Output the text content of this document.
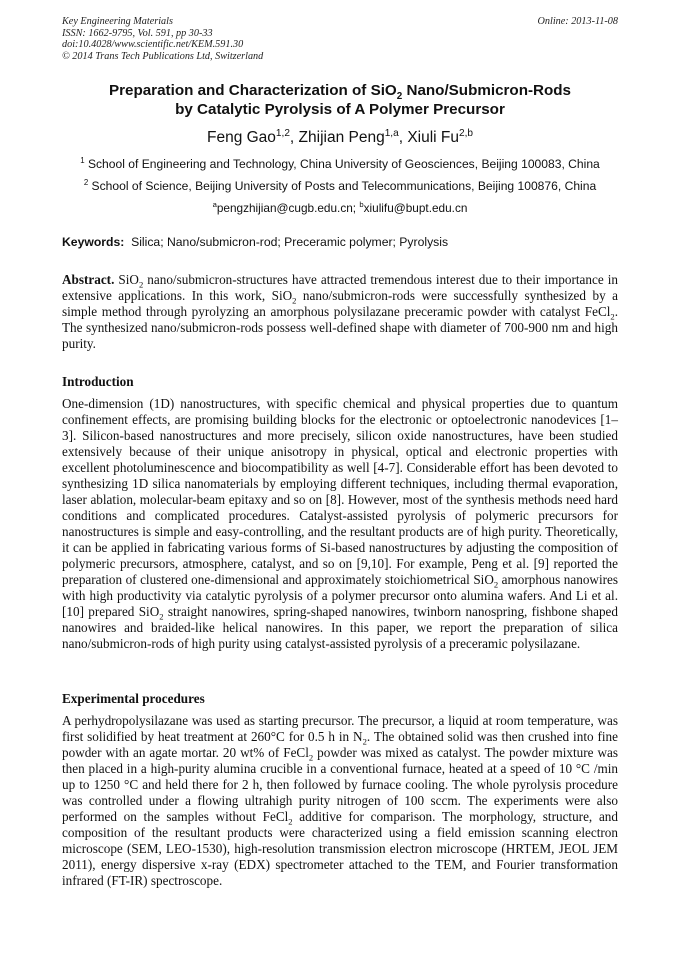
Key Engineering Materials
ISSN: 1662-9795, Vol. 591, pp 30-33
doi:10.4028/www.scientific.net/KEM.591.30
© 2014 Trans Tech Publications Ltd, Switzerland
Online: 2013-11-08
Preparation and Characterization of SiO$_2$ Nano/Submicron-Rods
by Catalytic Pyrolysis of A Polymer Precursor
Feng Gao$^{1,2}$, Zhijian Peng$^{1,a}$, Xiuli Fu$^{2,b}$
$^1$ School of Engineering and Technology, China University of Geosciences, Beijing 100083, China
$^2$ School of Science, Beijing University of Posts and Telecommunications, Beijing 100876, China
$^a$pengzhijian@cugb.edu.cn; $^b$xiulifu@bupt.edu.cn
Keywords:  Silica; Nano/submicron-rod; Preceramic polymer; Pyrolysis
Abstract. SiO$_2$ nano/submicron-structures have attracted tremendous interest due to their importance in extensive applications. In this work, SiO$_2$ nano/submicron-rods were successfully synthesized by a simple method through pyrolyzing an amorphous polysilazane preceramic powder with catalyst FeCl$_2$. The synthesized nano/submicron-rods possess well-defined shape with diameter of 700-900 nm and high purity.
Introduction
One-dimension (1D) nanostructures, with specific chemical and physical properties due to quantum confinement effects, are promising building blocks for the electronic or optoelectronic nanodevices [1–3]. Silicon-based nanostructures and more precisely, silicon oxide nanostructures, have been studied extensively because of their unique anisotropy in physical, optical and electronic properties with excellent photoluminescence and biocompatibility as well [4-7]. Considerable effort has been devoted to synthesizing 1D silica nanomaterials by employing different techniques, including thermal evaporation, laser ablation, molecular-beam epitaxy and so on [8]. However, most of the synthesis methods need hard conditions and complicated procedures. Catalyst-assisted pyrolysis of polymeric precursors for nanostructures is simple and easy-controlling, and the resultant products are of high purity. Theoretically, it can be applied in fabricating various forms of Si-based nanostructures by adjusting the composition of polymeric precursors, atmosphere, catalyst, and so on [9,10]. For example, Peng et al. [9] reported the preparation of clustered one-dimensional and approximately stoichiometrical SiO$_2$ amorphous nanowires with high productivity via catalytic pyrolysis of a polymer precursor onto alumina wafers. And Li et al. [10] prepared SiO$_2$ straight nanowires, spring-shaped nanowires, twinborn nanospring, fishbone shaped nanowires and braided-like helical nanowires. In this paper, we report the preparation of silica nano/submicron-rods of high purity using catalyst-assisted pyrolysis of a preceramic polysilazane.
Experimental procedures
A perhydropolysilazane was used as starting precursor. The precursor, a liquid at room temperature, was first solidified by heat treatment at 260°C for 0.5 h in $N_2$. The obtained solid was then crushed into fine powder with an agate mortar. 20 wt% of FeCl$_2$ powder was mixed as catalyst. The powder mixture was then placed in a high-purity alumina crucible in a conventional furnace, heated at a speed of 10 °C /min up to 1250 °C and held there for 2 h, then followed by furnace cooling. The whole pyrolysis procedure was controlled under a flowing ultrahigh purity nitrogen of 100 sccm. The experiments were also performed on the samples without FeCl$_2$ additive for comparison. The morphology, structure, and composition of the resultant products were characterized using a field emission scanning electron microscope (SEM, LEO-1530), high-resolution transmission electron microscope (HRTEM, JEOL JEM 2011), energy dispersive x-ray (EDX) spectrometer attached to the TEM, and Fourier transformation infrared (FT-IR) spectroscope.
